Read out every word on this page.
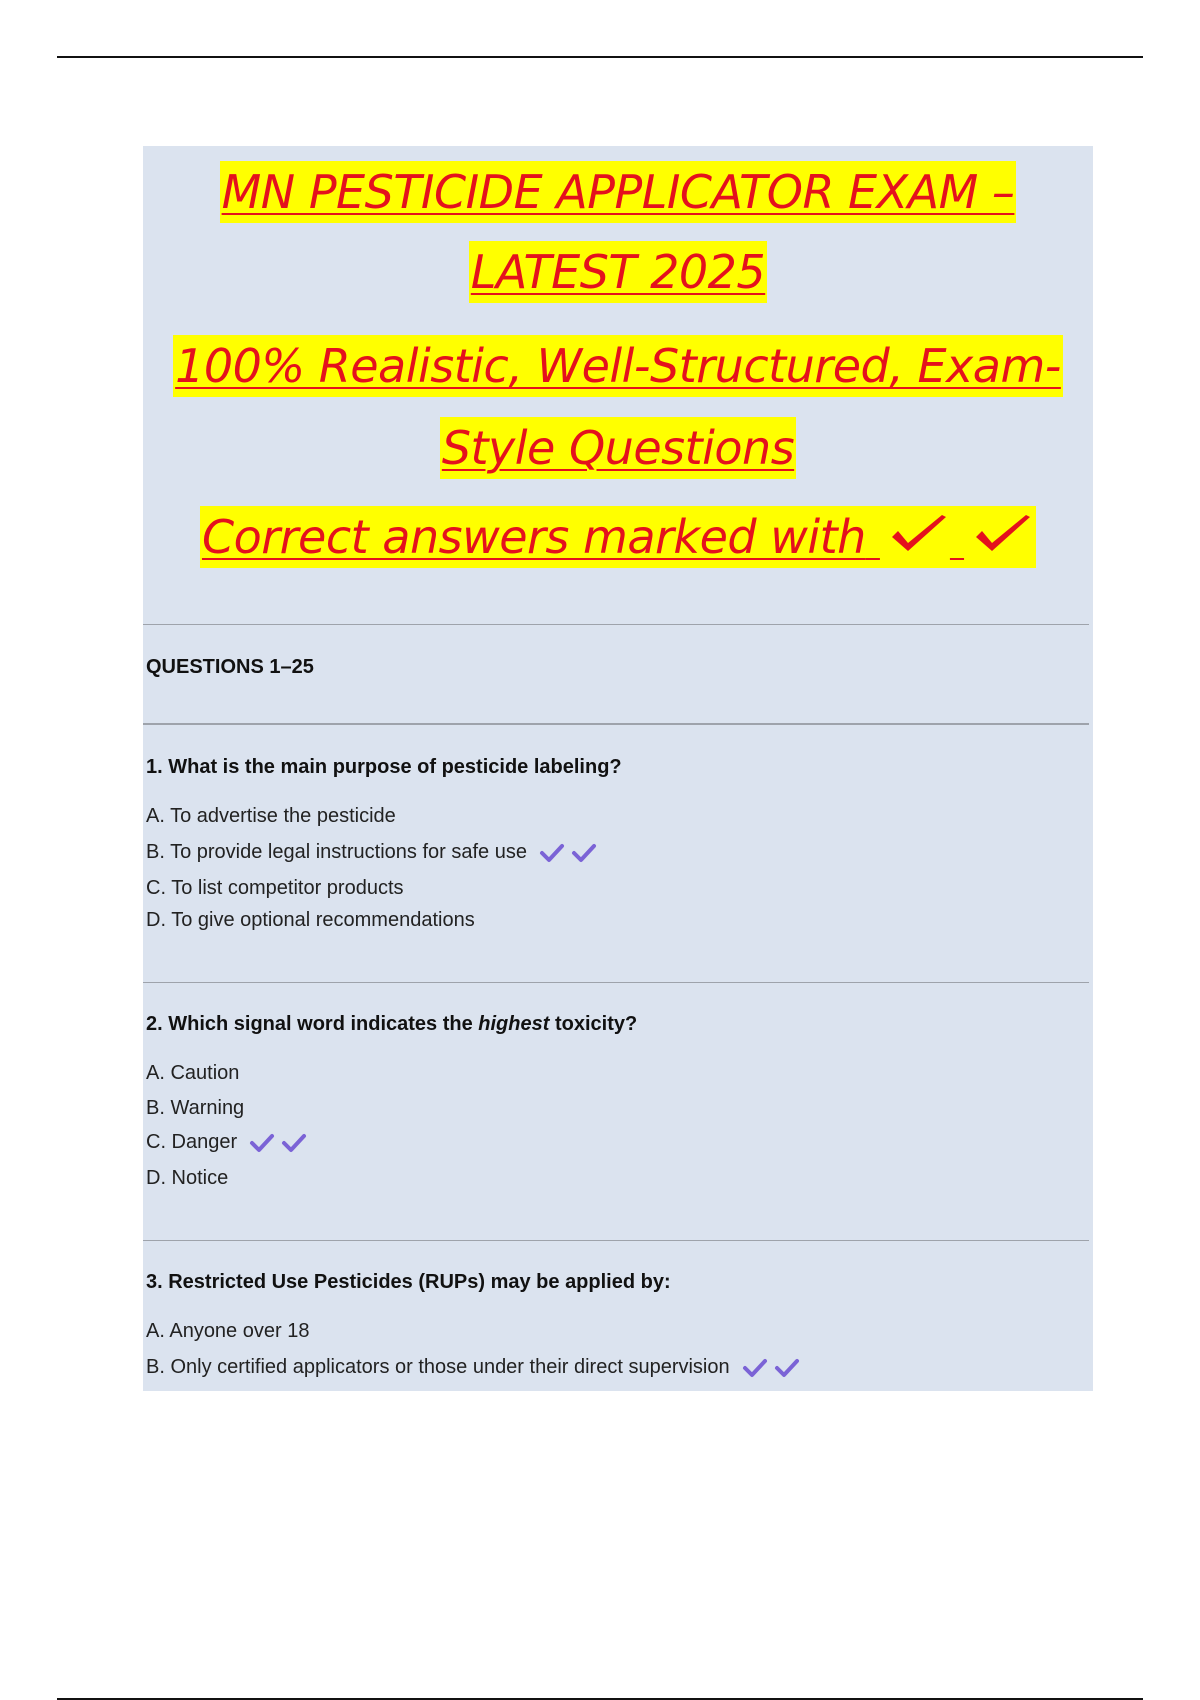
MN PESTICIDE APPLICATOR EXAM –
LATEST 2025
100% Realistic, Well-Structured, Exam-
Style Questions
Correct answers marked with
QUESTIONS 1–25
1. What is the main purpose of pesticide labeling?
A. To advertise the pesticide
B. To provide legal instructions for safe use
C. To list competitor products
D. To give optional recommendations
2. Which signal word indicates the highest toxicity?
A. Caution
B. Warning
C. Danger
D. Notice
3. Restricted Use Pesticides (RUPs) may be applied by:
A. Anyone over 18
B. Only certified applicators or those under their direct supervision
